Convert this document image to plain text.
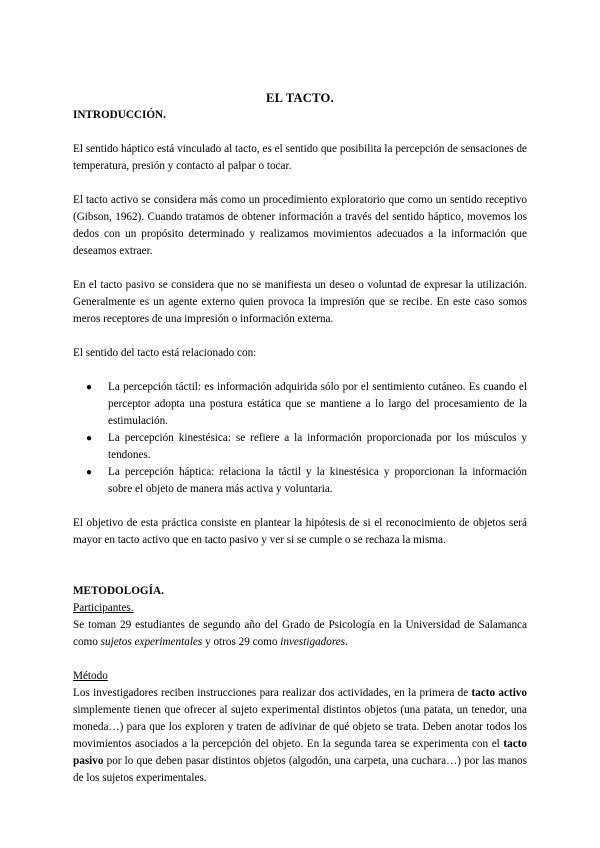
EL TACTO.
INTRODUCCIÓN.

El sentido háptico está vinculado al tacto, es el sentido que posibilita la percepción de sensaciones de temperatura, presión y contacto al palpar o tocar.

El tacto activo se considera más como un procedimiento exploratorio que como un sentido receptivo (Gibson, 1962). Cuando tratamos de obtener información a través del sentido háptico, movemos los dedos con un propósito determinado y realizamos movimientos adecuados a la información que deseamos extraer.

En el tacto pasivo se considera que no se manifiesta un deseo o voluntad de expresar la utilización. Generalmente es un agente externo quien provoca la impresión que se recibe. En este caso somos meros receptores de una impresión o información externa.

El sentido del tacto está relacionado con:

● La percepción táctil: es información adquirida sólo por el sentimiento cutáneo. Es cuando el perceptor adopta una postura estática que se mantiene a lo largo del procesamiento de la estimulación.
● La percepción kinestésica: se refiere a la información proporcionada por los músculos y tendones.
● La percepción háptica: relaciona la táctil y la kinestésica y proporcionan la información sobre el objeto de manera más activa y voluntaria.

El objetivo de esta práctica consiste en plantear la hipótesis de si el reconocimiento de objetos será mayor en tacto activo que en tacto pasivo y ver si se cumple o se rechaza la misma.

METODOLOGÍA.

Participantes.

Se toman 29 estudiantes de segundo año del Grado de Psicología en la Universidad de Salamanca como sujetos experimentales y otros 29 como investigadores.

Método

Los investigadores reciben instrucciones para realizar dos actividades, en la primera de tacto activo simplemente tienen que ofrecer al sujeto experimental distintos objetos (una patata, un tenedor, una moneda…) para que los exploren y traten de adivinar de qué objeto se trata. Deben anotar todos los movimientos asociados a la percepción del objeto. En la segunda tarea se experimenta con el tacto pasivo por lo que deben pasar distintos objetos (algodón, una carpeta, una cuchara…) por las manos de los sujetos experimentales.
